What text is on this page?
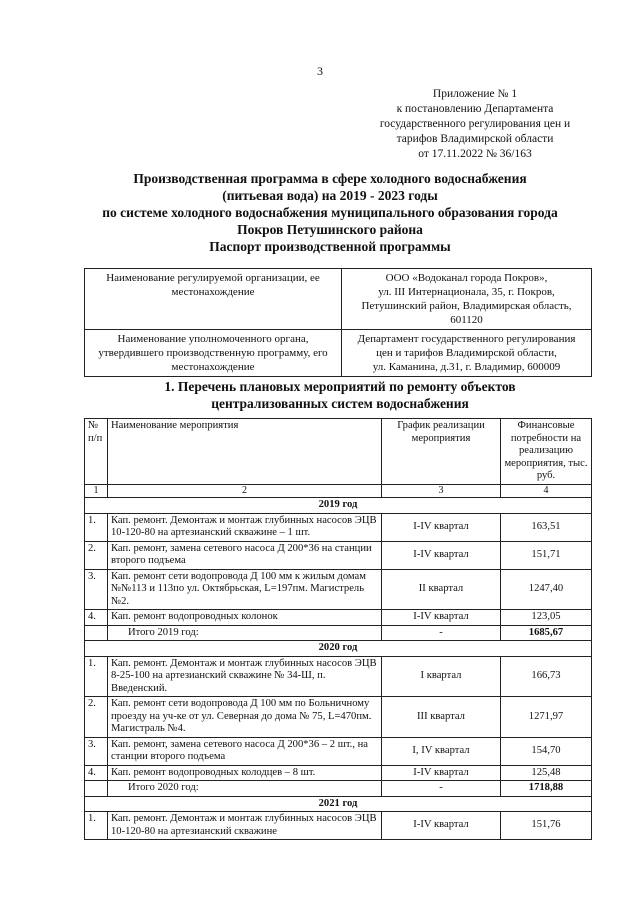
3
Приложение № 1
к постановлению Департамента
государственного регулирования цен и
тарифов Владимирской области
от 17.11.2022 № 36/163
Производственная программа в сфере холодного водоснабжения
(питьевая вода) на 2019 - 2023 годы
по системе холодного водоснабжения муниципального образования города
Покров Петушинского района
Паспорт производственной программы
Наименование регулируемой организации, ее местонахождение	ООО «Водоканал города Покров»,
ул. III Интернационала, 35, г. Покров,
Петушинский район, Владимирская область,
601120

Наименование уполномоченного органа, утвердившего производственную программу, его местонахождение	Департамент государственного регулирования
цен и тарифов Владимирской области,
ул. Каманина, д.31, г. Владимир, 600009
1. Перечень плановых мероприятий по ремонту объектов
централизованных систем водоснабжения
№ п/п	Наименование мероприятия	График реализации мероприятия	Финансовые потребности на реализацию мероприятия, тыс. руб.
1	2	3	4
2019 год			
1.	Кап. ремонт. Демонтаж и монтаж глубинных насосов ЭЦВ 10-120-80 на артезианский скважине – 1 шт.	I-IV квартал	163,51
2.	Кап. ремонт, замена сетевого насоса Д 200*36 на станции второго подъема	I-IV квартал	151,71
3.	Кап. ремонт сети водопровода Д 100 мм к жилым домам №№113 и 113по ул. Октябрьская, L=197пм. Магистрель №2.	II квартал	1247,40
4.	Кап. ремонт водопроводных колонок	I-IV квартал	123,05
	Итого 2019 год:	-	1685,67
2020 год			
1.	Кап. ремонт. Демонтаж и монтаж глубинных насосов ЭЦВ 8-25-100 на артезианский скважине № 34-Ш, п. Введенский.	I квартал	166,73
2.	Кап. ремонт сети водопровода Д 100 мм по Больничному проезду на уч-ке от ул. Северная до дома № 75, L=470пм. Магистраль №4.	III квартал	1271,97
3.	Кап. ремонт, замена сетевого насоса Д 200*36 – 2 шт., на станции второго подъема	I, IV квартал	154,70
4.	Кап. ремонт водопроводных колодцев – 8 шт.	I-IV квартал	125,48
	Итого 2020 год:	-	1718,88
2021 год			
1.	Кап. ремонт. Демонтаж и монтаж глубинных насосов ЭЦВ 10-120-80 на артезианский скважине	I-IV квартал	151,76
